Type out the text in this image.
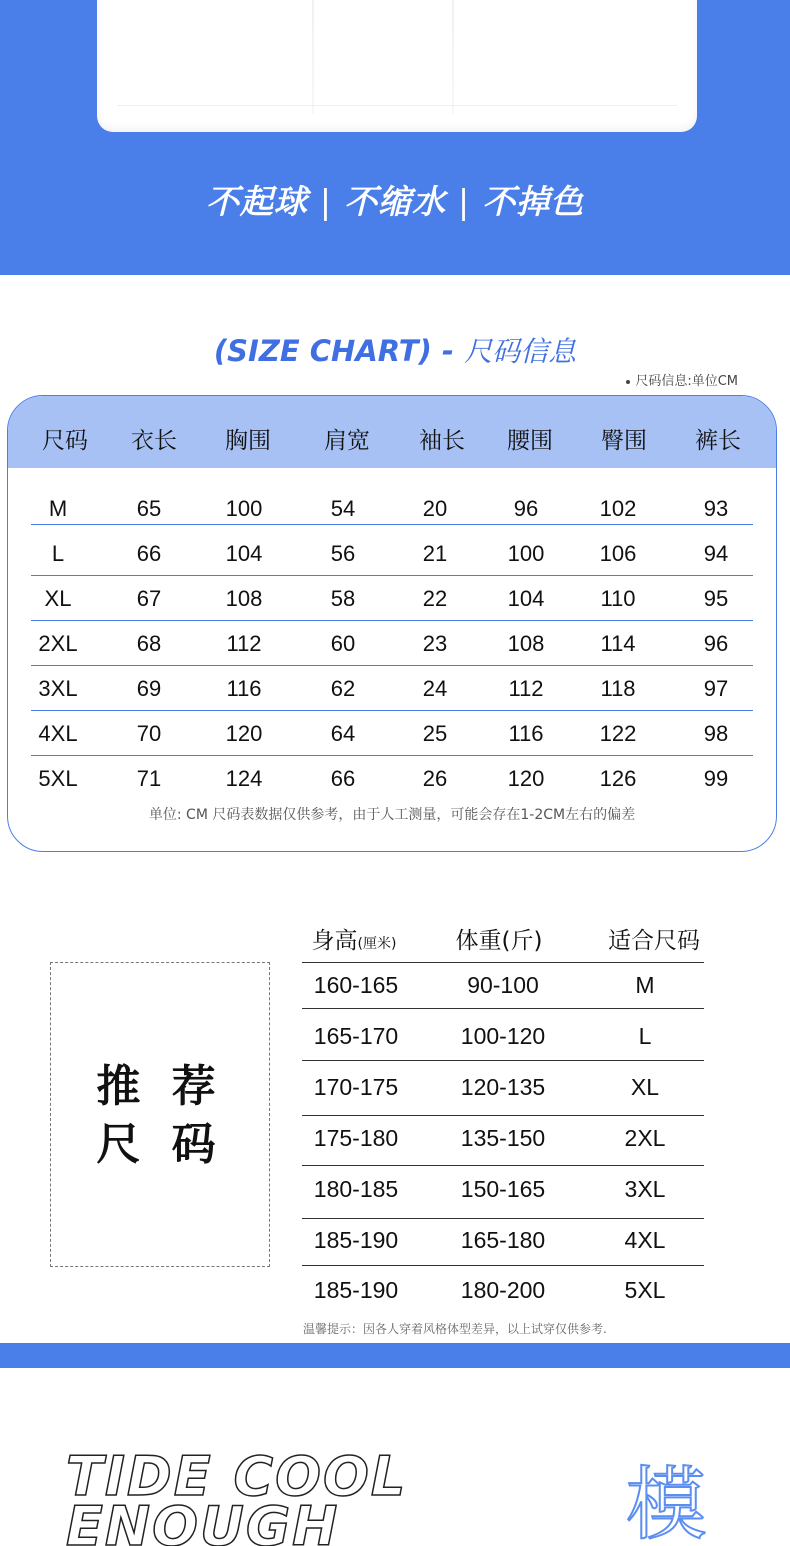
不起球 | 不缩水 | 不掉色
(SIZE CHART) - 尺码信息
尺码信息:单位CM
尺码 衣长 胸围 肩宽 袖长 腰围 臀围 裤长
M	65	100	54	20	96	102	93
L	66	104	56	21	100	106	94
XL	67	108	58	22	104	110	95
2XL	68	112	60	23	108	114	96
3XL	69	116	62	24	112	118	97
4XL	70	120	64	25	116	122	98
5XL	71	124	66	26	120	126	99
单位: CM 尺码表数据仅供参考，由于人工测量，可能会存在1-2CM左右的偏差
推 荐
尺 码
身高(厘米)	体重(斤)	适合尺码
160-165	90-100	M
165-170	100-120	L
170-175	120-135	XL
175-180	135-150	2XL
180-185	150-165	3XL
185-190	165-180	4XL
185-190	180-200	5XL
温馨提示：因各人穿着风格体型差异，以上试穿仅供参考.
TIDE COOL
ENOUGH	模
